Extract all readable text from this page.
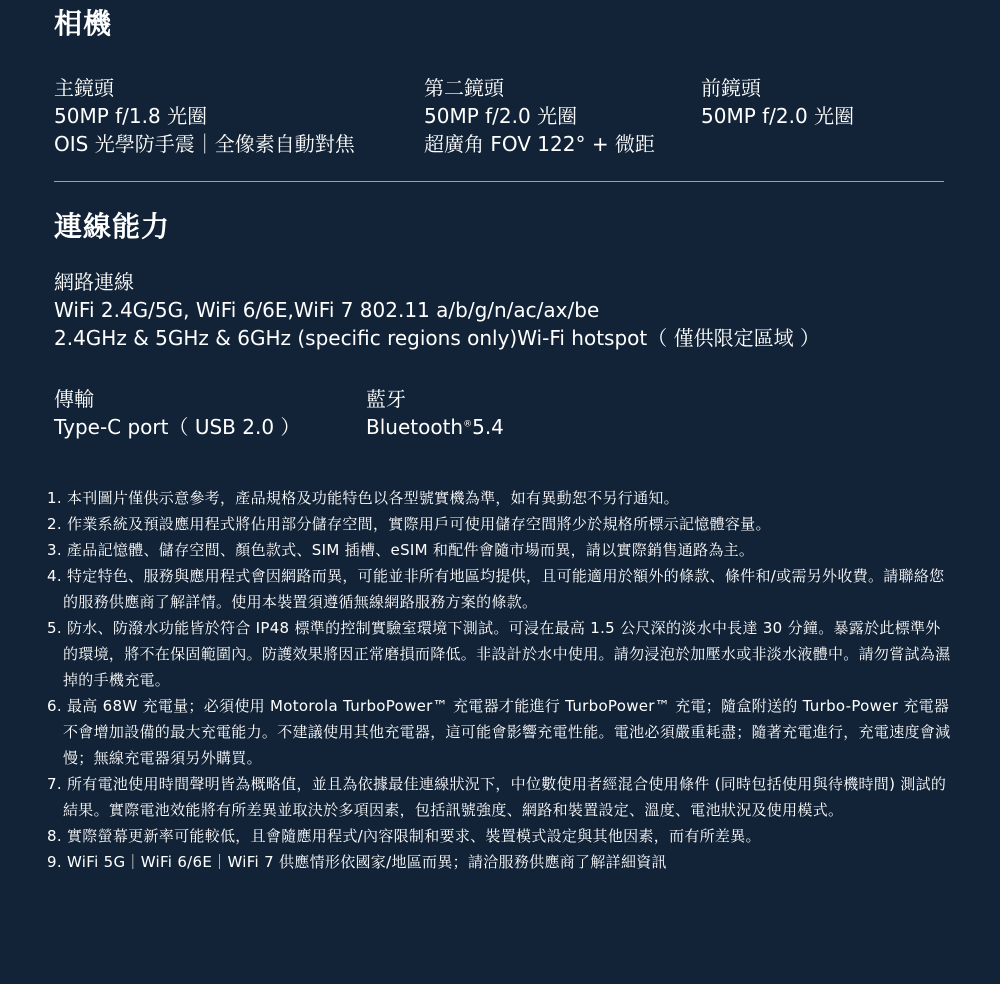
相機
主鏡頭
50MP f/1.8 光圈
OIS 光學防手震｜全像素自動對焦
第二鏡頭
50MP f/2.0 光圈
超廣角 FOV 122° + 微距
前鏡頭
50MP f/2.0 光圈
連線能力
網路連線
WiFi 2.4G/5G, WiFi 6/6E,WiFi 7 802.11 a/b/g/n/ac/ax/be
2.4GHz & 5GHz & 6GHz (specific regions only)Wi-Fi hotspot（ 僅供限定區域 ）
傳輸
Type-C port（ USB 2.0 ）
藍牙
Bluetooth®5.4
1. 本刊圖片僅供示意參考，產品規格及功能特色以各型號實機為準，如有異動恕不另行通知。
2. 作業系統及預設應用程式將佔用部分儲存空間，實際用戶可使用儲存空間將少於規格所標示記憶體容量。
3. 產品記憶體、儲存空間、顏色款式、SIM 插槽、eSIM 和配件會隨市場而異，請以實際銷售通路為主。
4. 特定特色、服務與應用程式會因網路而異，可能並非所有地區均提供，且可能適用於額外的條款、條件和/或需另外收費。請聯絡您的服務供應商了解詳情。使用本裝置須遵循無線網路服務方案的條款。
5. 防水、防潑水功能皆於符合 IP48 標準的控制實驗室環境下測試。可浸在最高 1.5 公尺深的淡水中長達 30 分鐘。暴露於此標準外的環境，將不在保固範圍內。防護效果將因正常磨損而降低。非設計於水中使用。請勿浸泡於加壓水或非淡水液體中。請勿嘗試為濕掉的手機充電。
6. 最高 68W 充電量；必須使用 Motorola TurboPower™ 充電器才能進行 TurboPower™ 充電；隨盒附送的 Turbo-Power 充電器不會增加設備的最大充電能力。不建議使用其他充電器，這可能會影響充電性能。電池必須嚴重耗盡；隨著充電進行，充電速度會減慢；無線充電器須另外購買。
7. 所有電池使用時間聲明皆為概略值，並且為依據最佳連線狀況下，中位數使用者經混合使用條件 (同時包括使用與待機時間) 測試的結果。實際電池效能將有所差異並取決於多項因素，包括訊號強度、網路和裝置設定、溫度、電池狀況及使用模式。
8. 實際螢幕更新率可能較低，且會隨應用程式/內容限制和要求、裝置模式設定與其他因素，而有所差異。
9. WiFi 5G｜WiFi 6/6E｜WiFi 7 供應情形依國家/地區而異；請洽服務供應商了解詳細資訊
